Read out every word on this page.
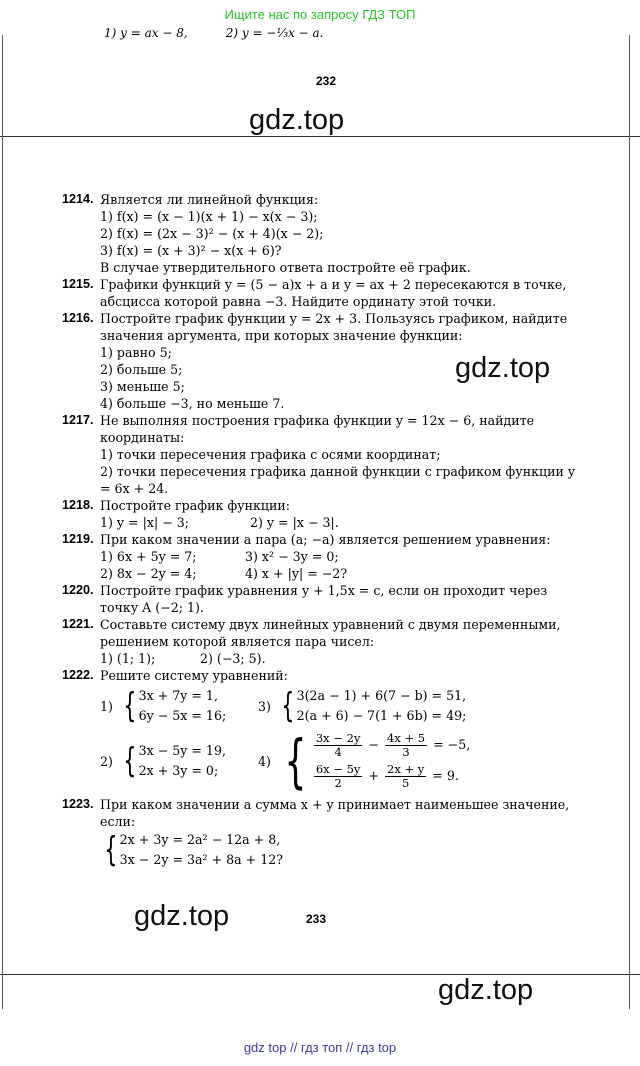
Ищите нас по запросу ГДЗ ТОП
1) y = ax − 8,          2) y = −⅓x − a.
232
gdz.top
gdz.top
gdz.top
gdz.top
1214. Является ли линейной функция:
1) f(x) = (x − 1)(x + 1) − x(x − 3);
2) f(x) = (2x − 3)² − (x + 4)(x − 2);
3) f(x) = (x + 3)² − x(x + 6)?
В случае утвердительного ответа постройте её график.
1215. Графики функций y = (5 − a)x + a и y = ax + 2 пересекаются в точке, абсцисса которой равна −3. Найдите ординату этой точки.
1216. Постройте график функции y = 2x + 3. Пользуясь графиком, найдите значения аргумента, при которых значение функции:
1) равно 5;
2) больше 5;
3) меньше 5;
4) больше −3, но меньше 7.
1217. Не выполняя построения графика функции y = 12x − 6, найдите координаты:
1) точки пересечения графика с осями координат;
2) точки пересечения графика данной функции с графиком функции y = 6x + 24.
1218. Постройте график функции:
1) y = |x| − 3;	2) y = |x − 3|.
1219. При каком значении a пара (a; −a) является решением уравнения:
1) 6x + 5y = 7;	3) x² − 3y = 0;
2) 8x − 2y = 4;	4) x + |y| = −2?
1220. Постройте график уравнения y + 1,5x = c, если он проходит через точку A (−2; 1).
1221. Составьте систему двух линейных уравнений с двумя переменными, решением которой является пара чисел:
1) (1; 1);	2) (−3; 5).
1222. Решите систему уравнений:
1) { 3x + 7y = 1,
6y − 5x = 16;
3) { 3(2a − 1) + 6(7 − b) = 51,
2(a + 6) − 7(1 + 6b) = 49;
2) { 3x − 5y = 19,
2x + 3y = 0;
4) { $\frac{3x - 2y}{4} - \frac{4x + 5}{3} = -5$,
$\frac{6x - 5y}{2} + \frac{2x + y}{5} = 9$.
1223. При каком значении a сумма x + y принимает наименьшее значение, если:
{ 2x + 3y = 2a² − 12a + 8,
3x − 2y = 3a² + 8a + 12?
233
gdz top // гдз топ // гдз top
